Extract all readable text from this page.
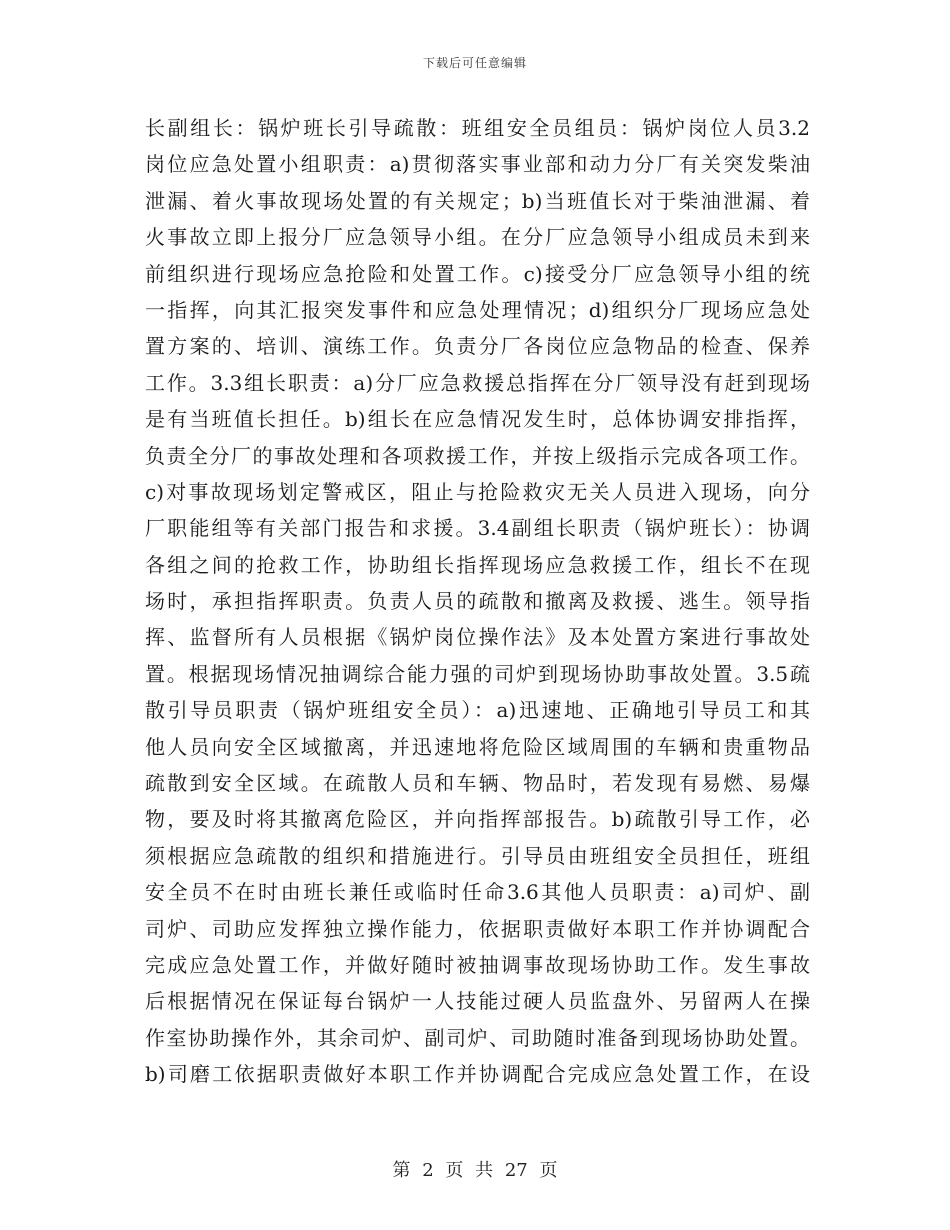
下载后可任意编辑
长副组长：锅炉班长引导疏散：班组安全员组员：锅炉岗位人员3.2
岗位应急处置小组职责：a)贯彻落实事业部和动力分厂有关突发柴油
泄漏、着火事故现场处置的有关规定；b)当班值长对于柴油泄漏、着
火事故立即上报分厂应急领导小组。在分厂应急领导小组成员未到来
前组织进行现场应急抢险和处置工作。c)接受分厂应急领导小组的统
一指挥，向其汇报突发事件和应急处理情况；d)组织分厂现场应急处
置方案的、培训、演练工作。负责分厂各岗位应急物品的检查、保养
工作。3.3组长职责：a)分厂应急救援总指挥在分厂领导没有赶到现场
是有当班值长担任。b)组长在应急情况发生时，总体协调安排指挥，
负责全分厂的事故处理和各项救援工作，并按上级指示完成各项工作。
c)对事故现场划定警戒区，阻止与抢险救灾无关人员进入现场，向分
厂职能组等有关部门报告和求援。3.4副组长职责（锅炉班长）：协调
各组之间的抢救工作，协助组长指挥现场应急救援工作，组长不在现
场时，承担指挥职责。负责人员的疏散和撤离及救援、逃生。领导指
挥、监督所有人员根据《锅炉岗位操作法》及本处置方案进行事故处
置。根据现场情况抽调综合能力强的司炉到现场协助事故处置。3.5疏
散引导员职责（锅炉班组安全员）：a)迅速地、正确地引导员工和其
他人员向安全区域撤离，并迅速地将危险区域周围的车辆和贵重物品
疏散到安全区域。在疏散人员和车辆、物品时，若发现有易燃、易爆
物，要及时将其撤离危险区，并向指挥部报告。b)疏散引导工作，必
须根据应急疏散的组织和措施进行。引导员由班组安全员担任，班组
安全员不在时由班长兼任或临时任命3.6其他人员职责：a)司炉、副
司炉、司助应发挥独立操作能力，依据职责做好本职工作并协调配合
完成应急处置工作，并做好随时被抽调事故现场协助工作。发生事故
后根据情况在保证每台锅炉一人技能过硬人员监盘外、另留两人在操
作室协助操作外，其余司炉、副司炉、司助随时准备到现场协助处置。
b)司磨工依据职责做好本职工作并协调配合完成应急处置工作，在设
第 2 页 共 27 页
